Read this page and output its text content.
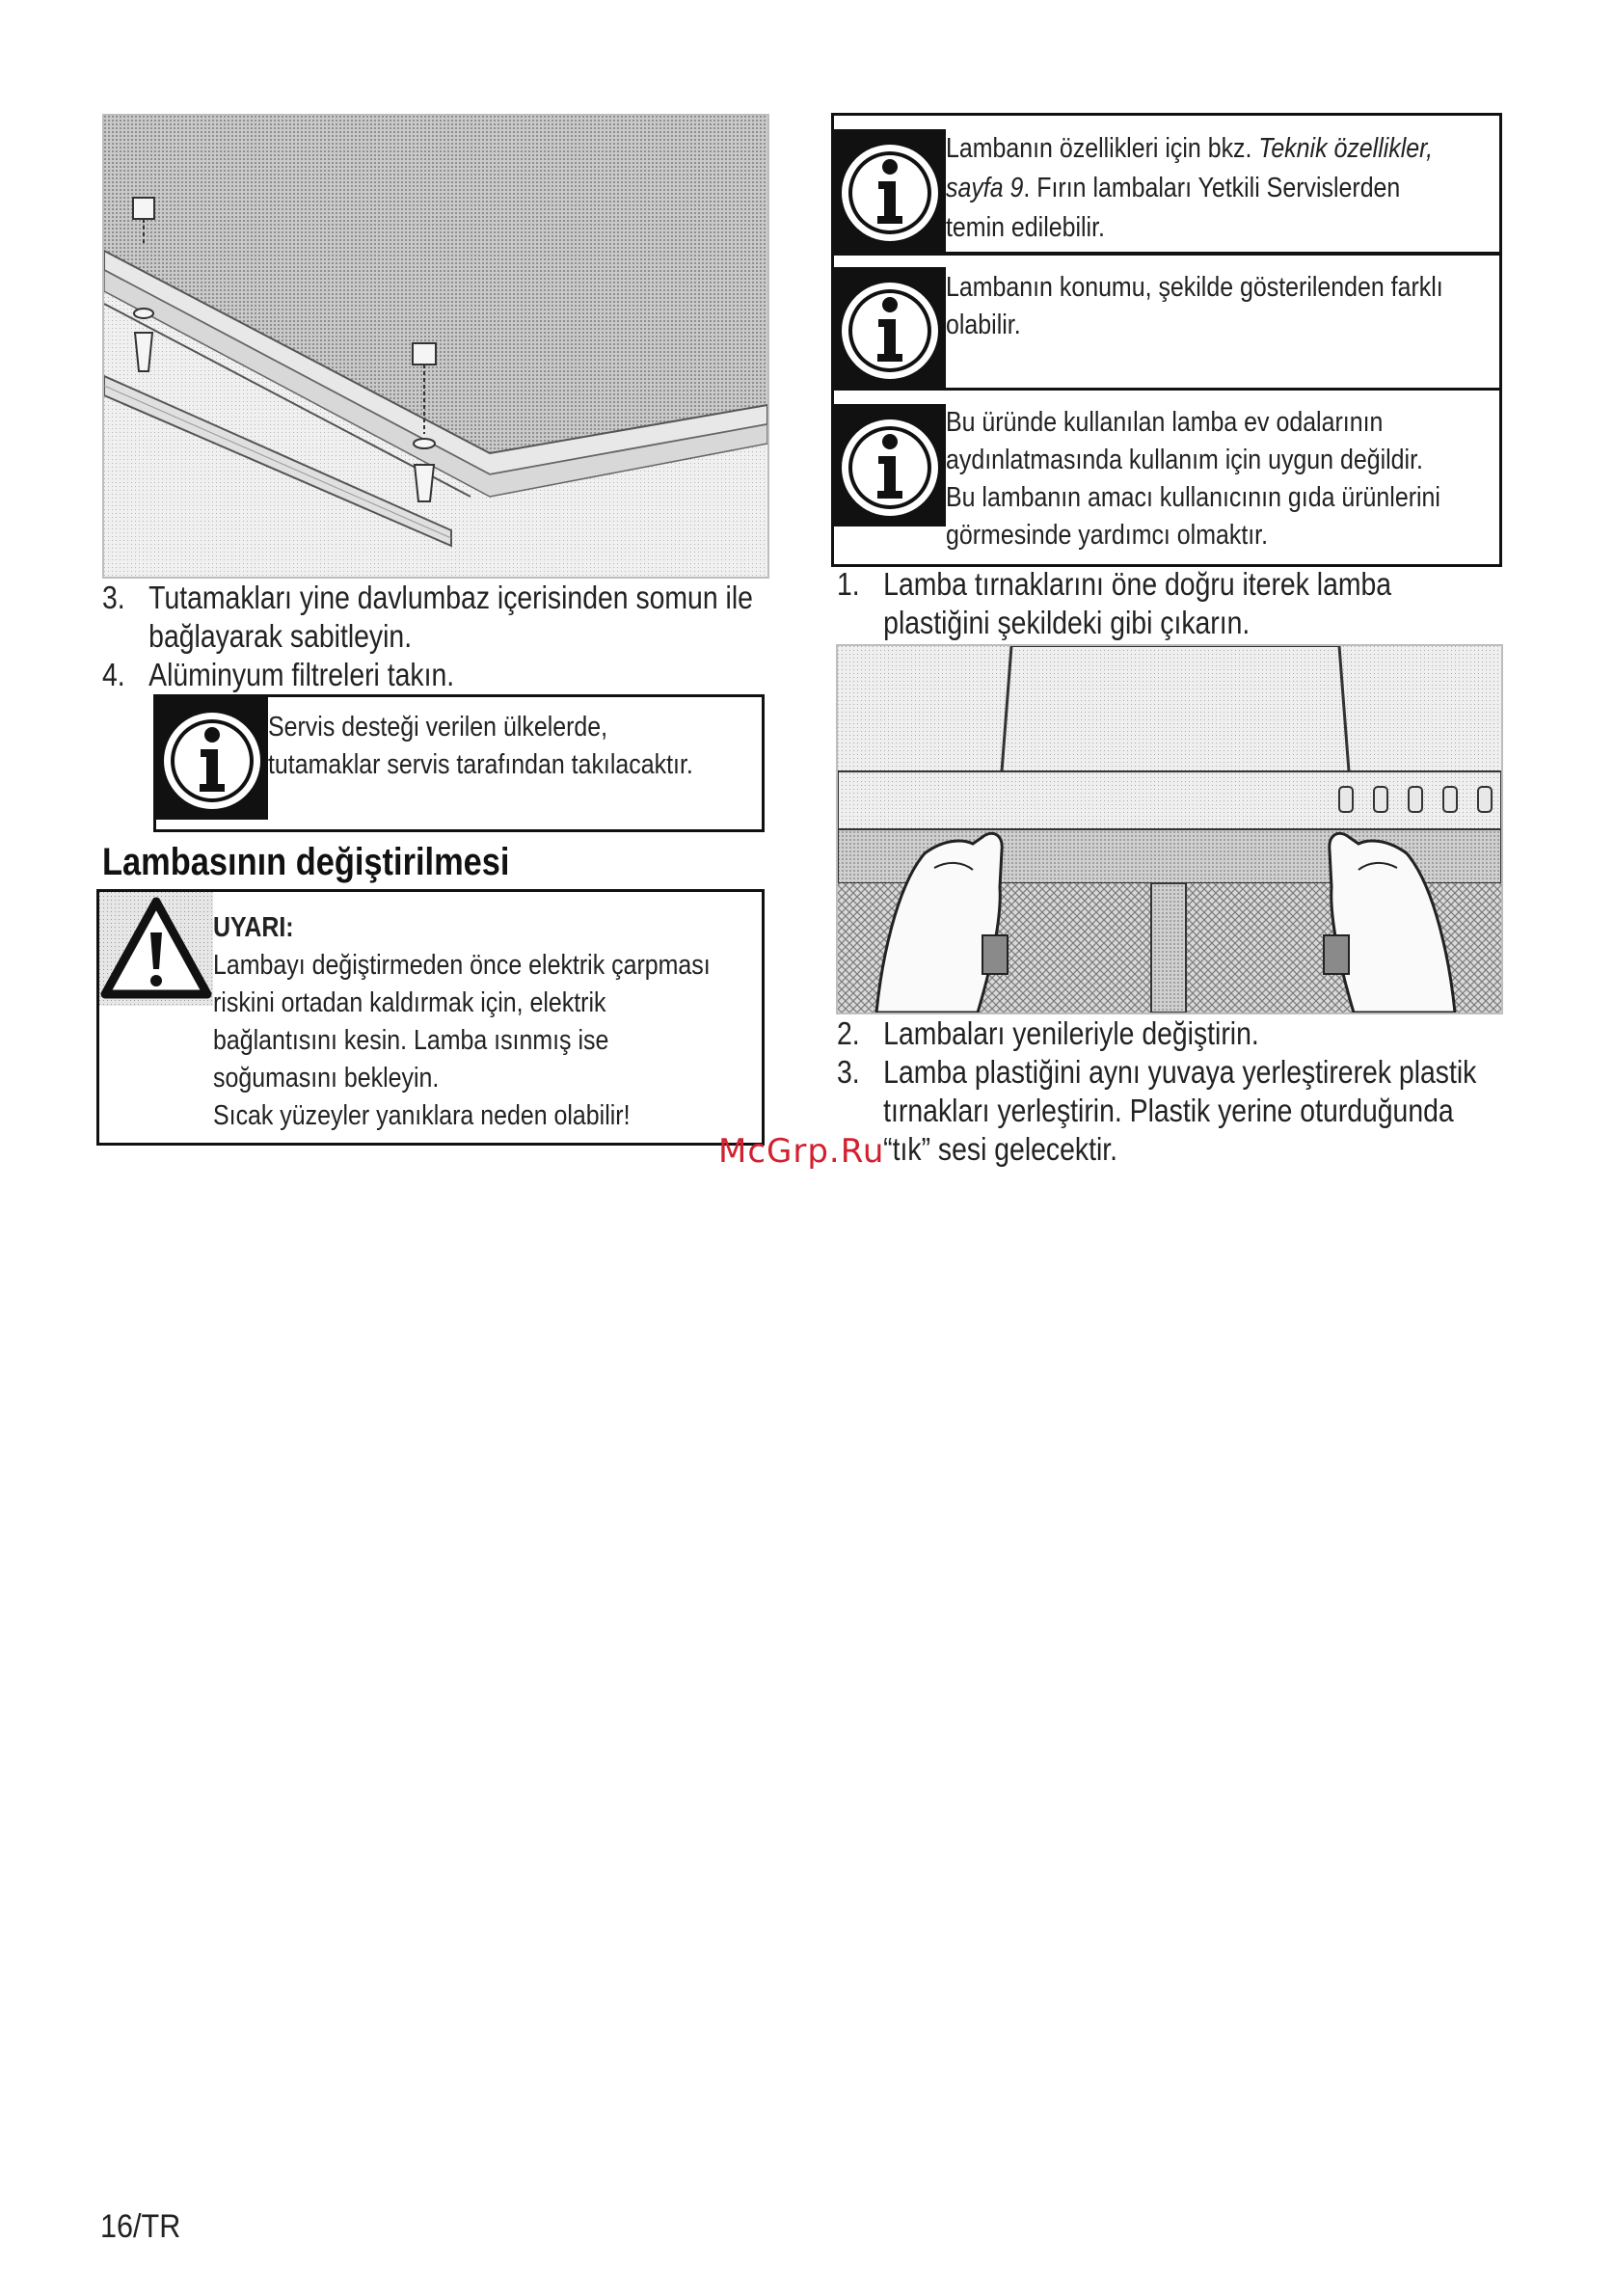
3. Tutamakları yine davlumbaz içerisinden somun ile
bağlayarak sabitleyin.
4. Alüminyum filtreleri takın.
Servis desteği verilen ülkelerde,
tutamaklar servis tarafından takılacaktır.
Lambasının değiştirilmesi
UYARI:
Lambayı değiştirmeden önce elektrik çarpması
riskini ortadan kaldırmak için, elektrik
bağlantısını kesin. Lamba ısınmış ise
soğumasını bekleyin.
Sıcak yüzeyler yanıklara neden olabilir!
Lambanın özellikleri için bkz. Teknik özellikler,
sayfa 9. Fırın lambaları Yetkili Servislerden
temin edilebilir.
Lambanın konumu, şekilde gösterilenden farklı
olabilir.
Bu üründe kullanılan lamba ev odalarının
aydınlatmasında kullanım için uygun değildir.
Bu lambanın amacı kullanıcının gıda ürünlerini
görmesinde yardımcı olmaktır.
1. Lamba tırnaklarını öne doğru iterek lamba
plastiğini şekildeki gibi çıkarın.
2. Lambaları yenileriyle değiştirin.
3. Lamba plastiğini aynı yuvaya yerleştirerek plastik
tırnakları yerleştirin. Plastik yerine oturduğunda
“tık” sesi gelecektir.
McGrp.Ru
16/TR
